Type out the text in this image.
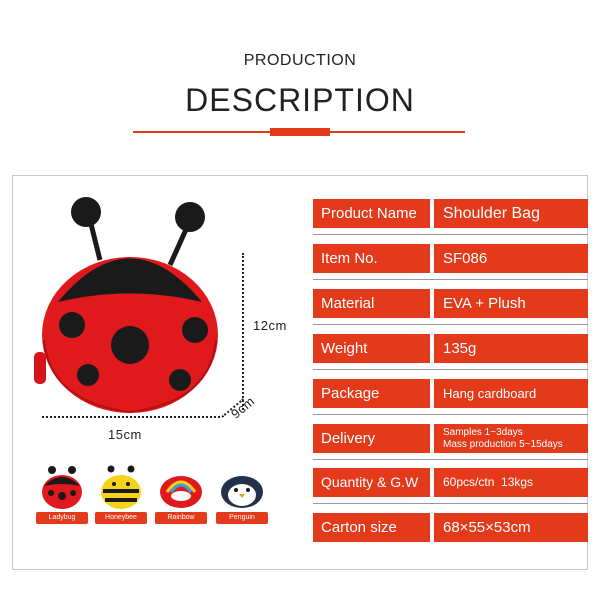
PRODUCTION
DESCRIPTION
12cm
15cm
9cm
Ladybug	Honeybee	Rainbow	Penguin
Product Name	Shoulder Bag
Item No.	SF086
Material	EVA + Plush
Weight	135g
Package	Hang cardboard
Delivery	Samples 1~3days
Mass production 5~15days
Quantity & G.W	60pcs/ctn  13kgs
Carton size	68×55×53cm
